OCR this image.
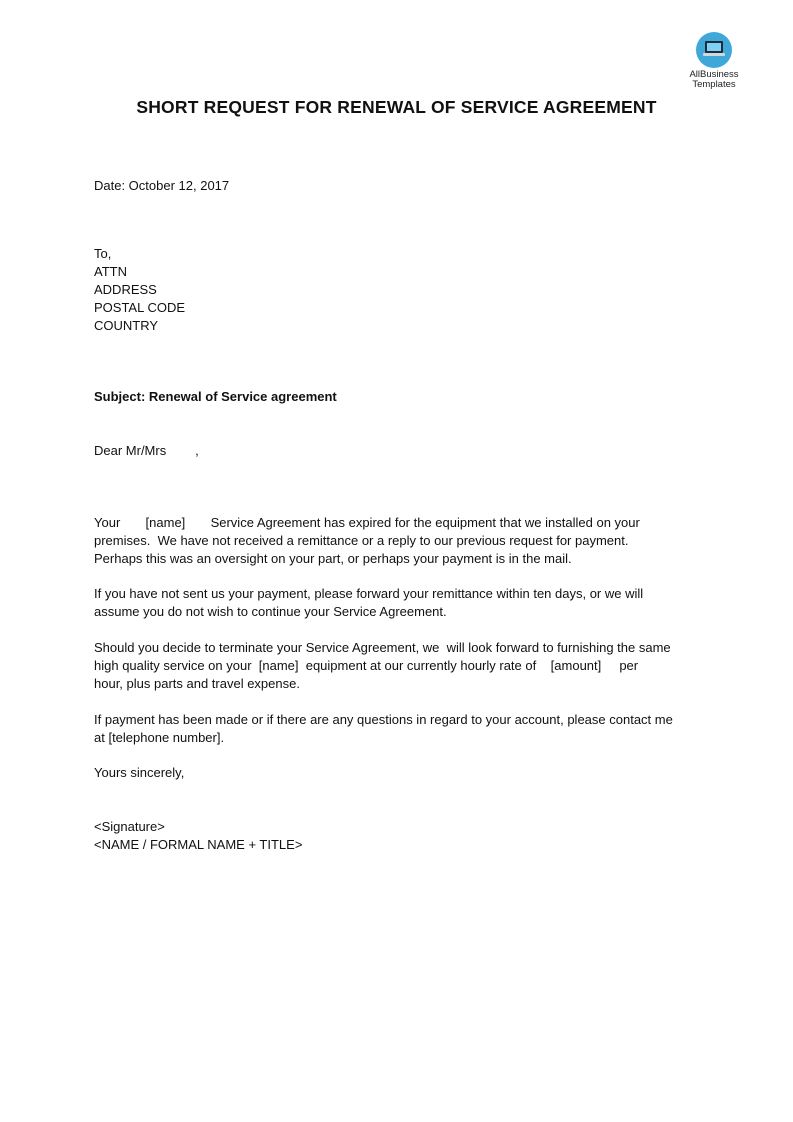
AllBusiness
Templates
SHORT REQUEST FOR RENEWAL OF SERVICE AGREEMENT
Date: October 12, 2017
To,
ATTN
ADDRESS
POSTAL CODE
COUNTRY
Subject: Renewal of Service agreement
Dear Mr/Mrs        ,
Your       [name]       Service Agreement has expired for the equipment that we installed on your
premises.  We have not received a remittance or a reply to our previous request for payment.
Perhaps this was an oversight on your part, or perhaps your payment is in the mail.
If you have not sent us your payment, please forward your remittance within ten days, or we will
assume you do not wish to continue your Service Agreement.
Should you decide to terminate your Service Agreement, we  will look forward to furnishing the same
high quality service on your  [name]  equipment at our currently hourly rate of    [amount]     per
hour, plus parts and travel expense.
If payment has been made or if there are any questions in regard to your account, please contact me
at [telephone number].
Yours sincerely,
<Signature>
<NAME / FORMAL NAME + TITLE>
